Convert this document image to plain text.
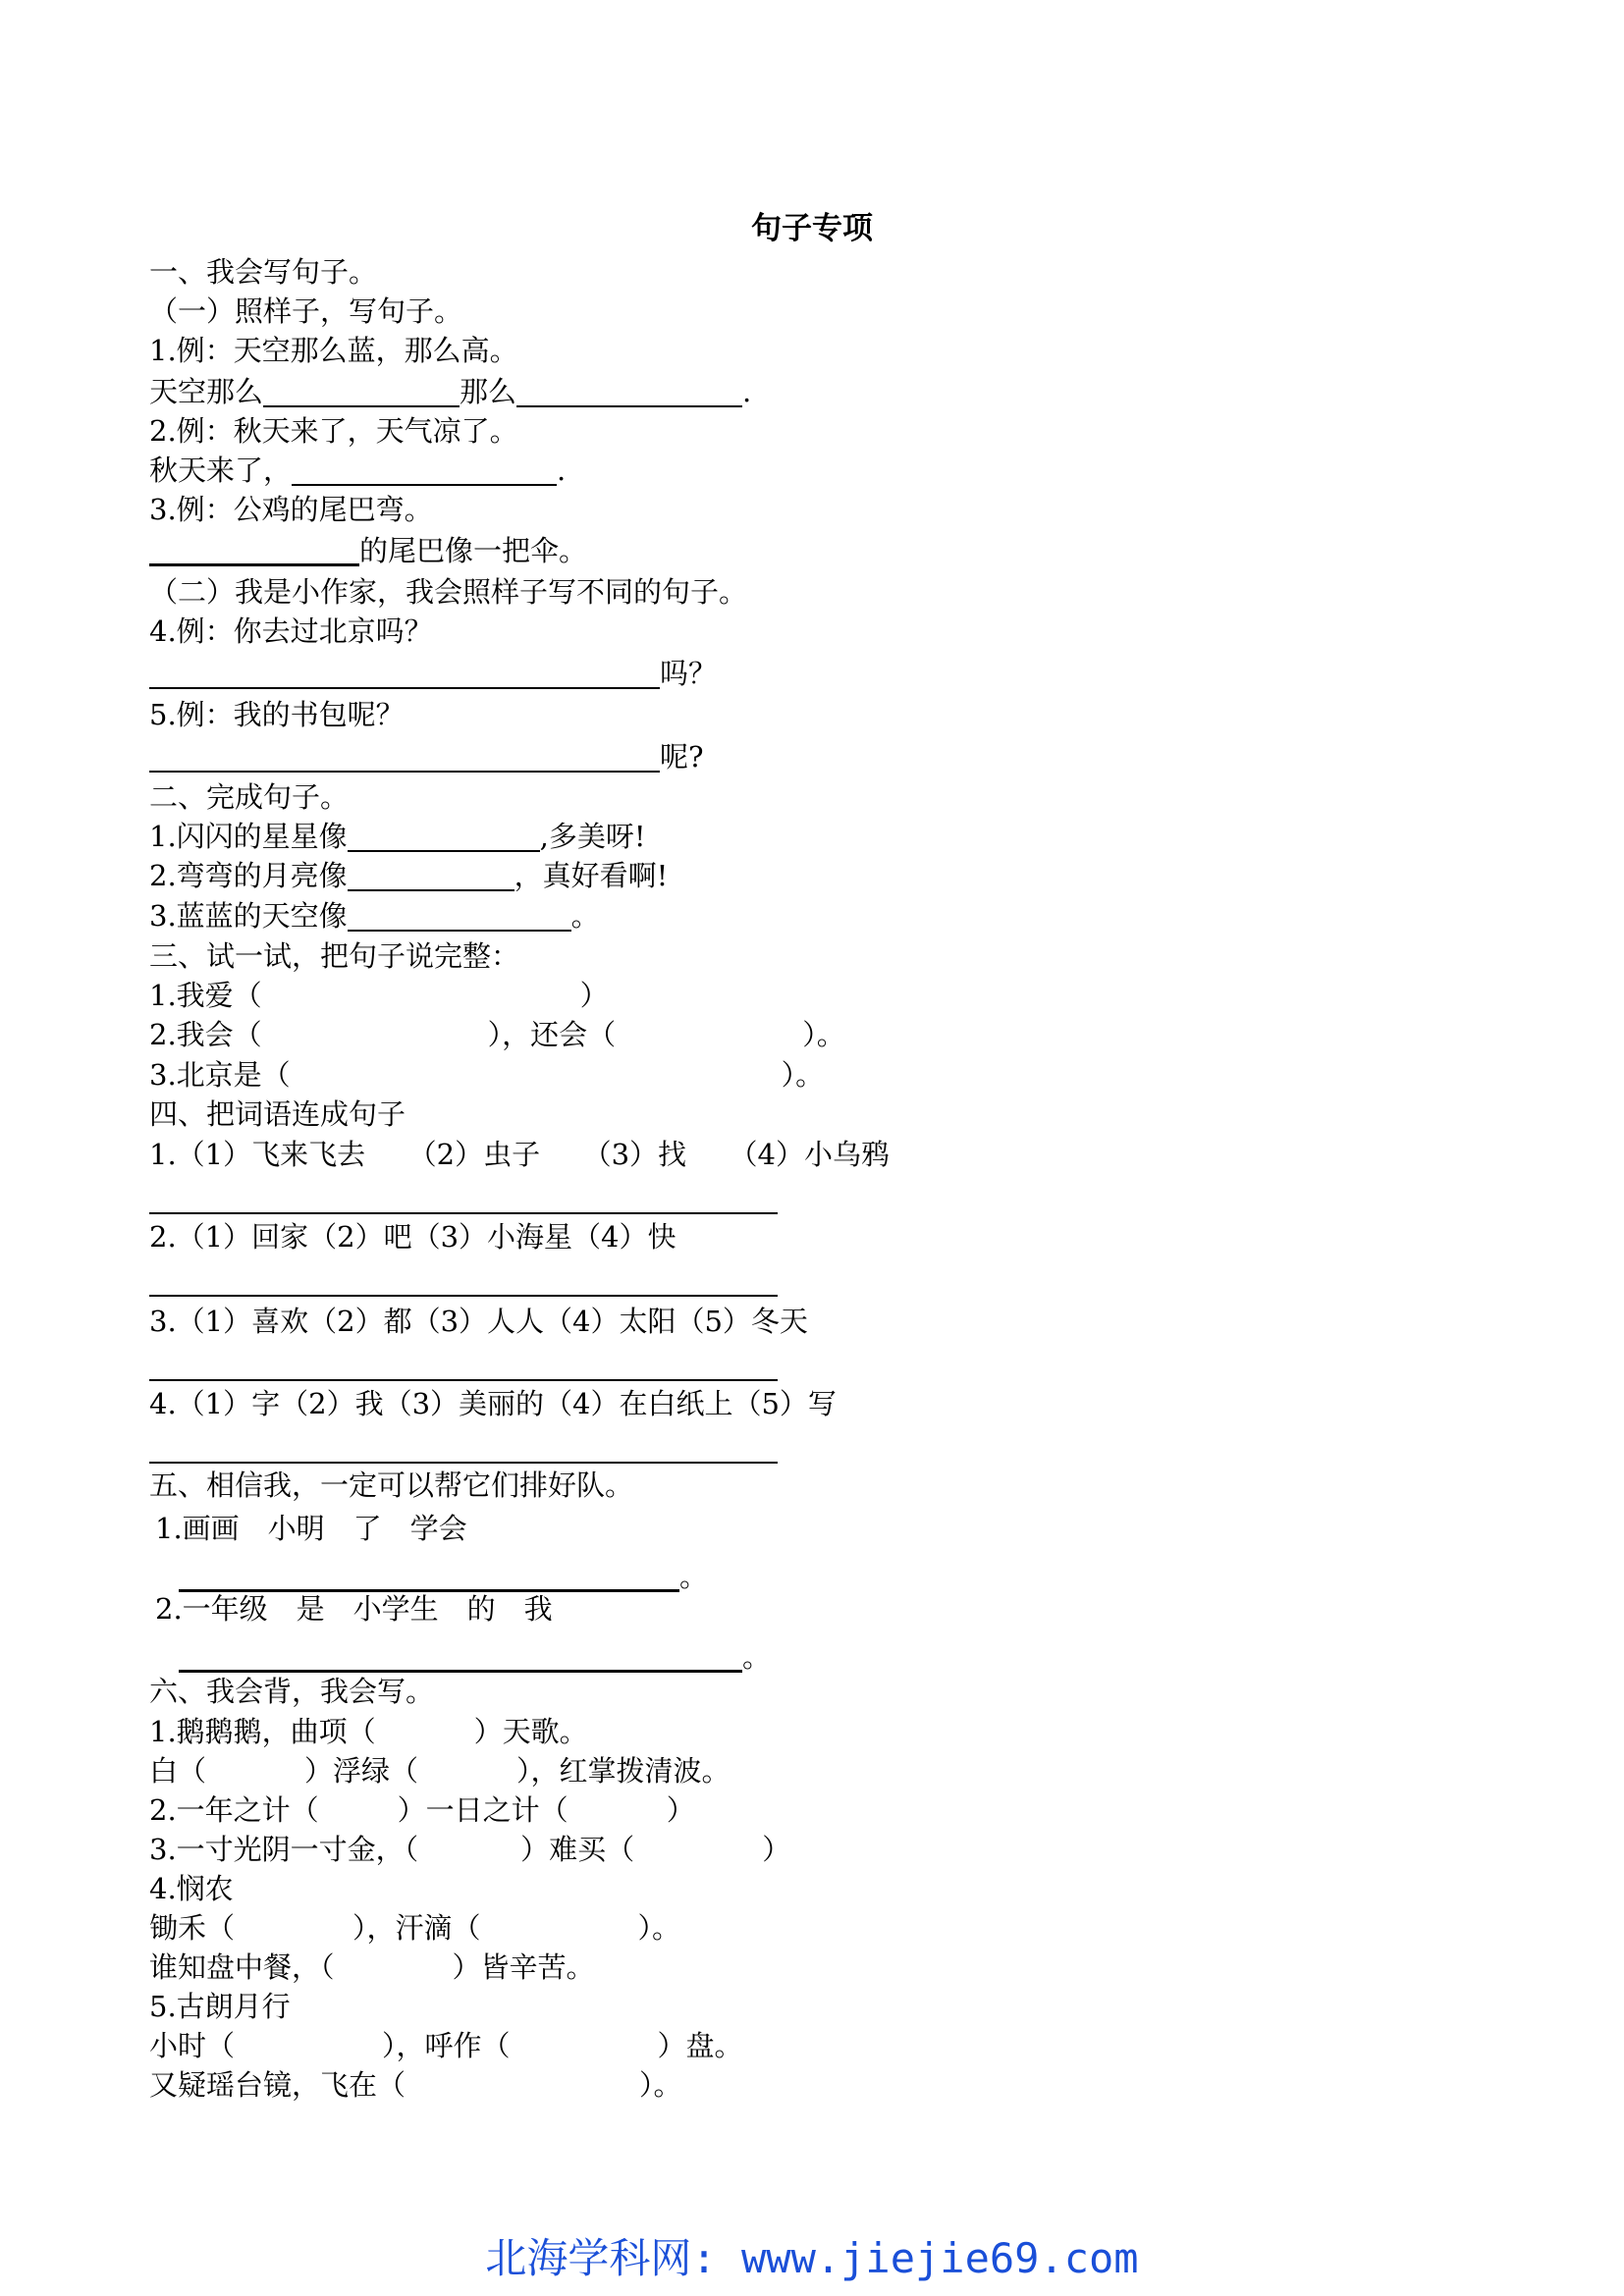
句子专项
一、我会写句子。
（一）照样子，写句子。
1.例：天空那么蓝，那么高。
天空那么	那么	.
2.例：秋天来了，天气凉了。
秋天来了，	.
3.例：公鸡的尾巴弯。
的尾巴像一把伞。
（二）我是小作家，我会照样子写不同的句子。
4.例：你去过北京吗？
吗？
5.例：我的书包呢？
呢?
二、完成句子。
1.闪闪的星星像	,多美呀!
2.弯弯的月亮像	，真好看啊!
3.蓝蓝的天空像	。
三、试一试，把句子说完整：
1.我爱（	）
2.我会（	），还会（	）。
3.北京是（	）。
四、把词语连成句子
1.（1）飞来飞去　　（2）虫子　　（3）找　　（4）小乌鸦
2.（1）回家（2）吧（3）小海星（4）快
3.（1）喜欢（2）都（3）人人（4）太阳（5）冬天
4.（1）字（2）我（3）美丽的（4）在白纸上（5）写
五、相信我，一定可以帮它们排好队。
1.画画　小明　了　学会
。
2.一年级　是　小学生　的　我
。
六、我会背，我会写。
1.鹅鹅鹅，曲项（	）天歌。
白（	）浮绿（	），红掌拨清波。
2.一年之计（	）一日之计（	）
3.一寸光阴一寸金，（	）难买（	）
4.悯农
锄禾（	），汗滴（	）。
谁知盘中餐，（	）皆辛苦。
5.古朗月行
小时（	），呼作（	）盘。
又疑瑶台镜，飞在（	）。
北海学科网: www.jiejie69.com
